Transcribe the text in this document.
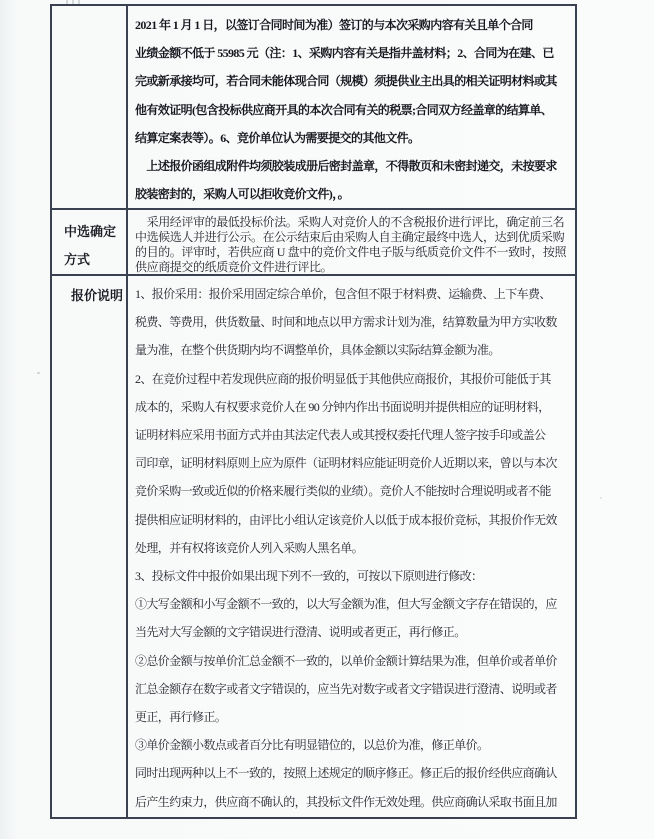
2021 年 1 月 1 日，以签订合同时间为准）签订的与本次采购内容有关且单个合同
业绩金额不低于 55985 元（注：1、采购内容有关是指井盖材料；2、合同为在建、已
完或新承接均可，若合同未能体现合同（规模）须提供业主出具的相关证明材料或其
他有效证明(包含投标供应商开具的本次合同有关的税票;合同双方经盖章的结算单、
结算定案表等）。6、竞价单位认为需要提交的其他文件。
　上述报价函组成附件均须胶装成册后密封盖章，不得散页和未密封递交，未按要求
胶装密封的，采购人可以拒收竞价文件)，。
中选确定方式
　采用经评审的最低投标价法。采购人对竞价人的不含税报价进行评比，确定前三名
中选候选人并进行公示。在公示结束后由采购人自主确定最终中选人，达到优质采购
的目的。评审时，若供应商 U 盘中的竞价文件电子版与纸质竞价文件不一致时，按照
供应商提交的纸质竞价文件进行评比。
报价说明 1、报价采用：报价采用固定综合单价，包含但不限于材料费、运输费、上下车费、
税费、等费用，供货数量、时间和地点以甲方需求计划为准，结算数量为甲方实收数
量为准，在整个供货期内均不调整单价，具体金额以实际结算金额为准。
2、在竞价过程中若发现供应商的报价明显低于其他供应商报价，其报价可能低于其
成本的，采购人有权要求竞价人在 90 分钟内作出书面说明并提供相应的证明材料，
证明材料应采用书面方式并由其法定代表人或其授权委托代理人签字按手印或盖公
司印章，证明材料原则上应为原件（证明材料应能证明竞价人近期以来，曾以与本次
竞价采购一致或近似的价格来履行类似的业绩）。竞价人不能按时合理说明或者不能
提供相应证明材料的，由评比小组认定该竞价人以低于成本报价竞标，其报价作无效
处理，并有权将该竞价人列入采购人黑名单。
3、投标文件中报价如果出现下列不一致的，可按以下原则进行修改：
①大写金额和小写金额不一致的，以大写金额为准，但大写金额文字存在错误的，应
当先对大写金额的文字错误进行澄清、说明或者更正，再行修正。
②总价金额与按单价汇总金额不一致的，以单价金额计算结果为准，但单价或者单价
汇总金额存在数字或者文字错误的，应当先对数字或者文字错误进行澄清、说明或者
更正，再行修正。
③单价金额小数点或者百分比有明显错位的，以总价为准，修正单价。
同时出现两种以上不一致的，按照上述规定的顺序修正。修正后的报价经供应商确认
后产生约束力，供应商不确认的，其投标文件作无效处理。供应商确认采取书面且加
